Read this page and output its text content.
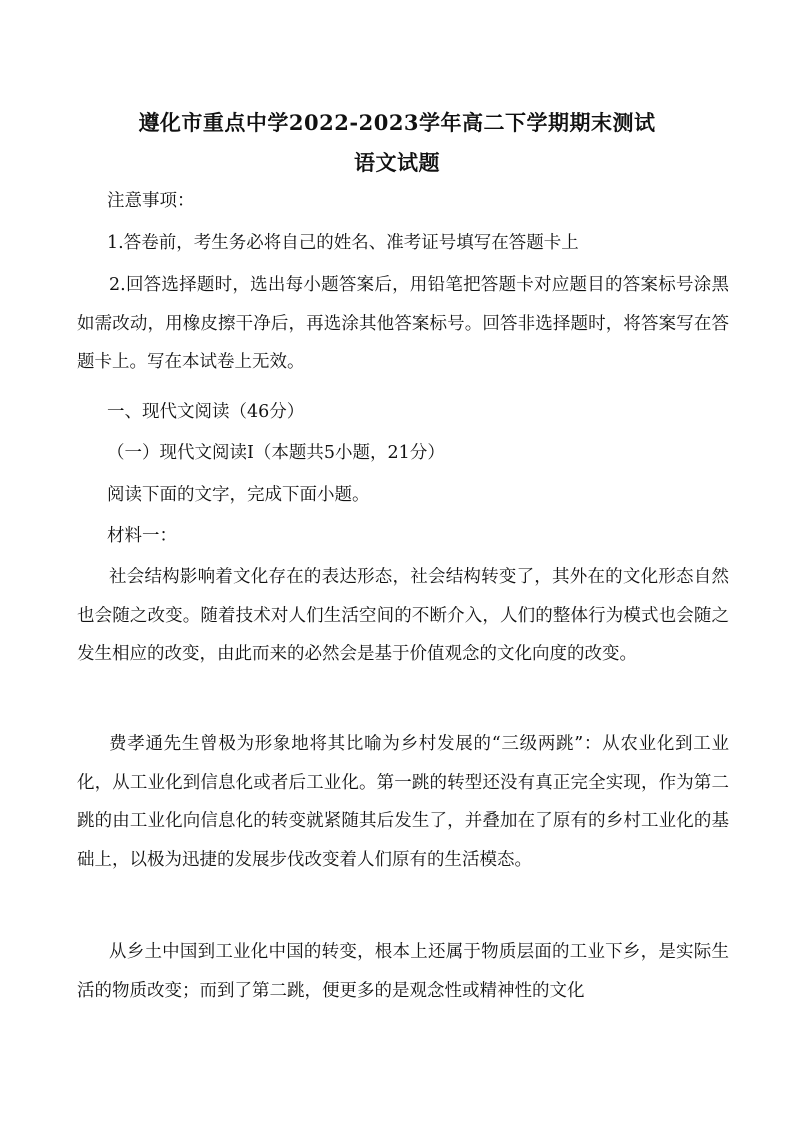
遵化市重点中学2022-2023学年高二下学期期末测试
语文试题
注意事项：
1.答卷前，考生务必将自己的姓名、准考证号填写在答题卡上
2.回答选择题时，选出每小题答案后，用铅笔把答题卡对应题目的答案标号涂黑如需改动，用橡皮擦干净后，再选涂其他答案标号。回答非选择题时，将答案写在答题卡上。写在本试卷上无效。
一、现代文阅读（46分）
（一）现代文阅读Ⅰ（本题共5小题，21分）
阅读下面的文字，完成下面小题。
材料一：
社会结构影响着文化存在的表达形态，社会结构转变了，其外在的文化形态自然也会随之改变。随着技术对人们生活空间的不断介入，人们的整体行为模式也会随之发生相应的改变，由此而来的必然会是基于价值观念的文化向度的改变。
费孝通先生曾极为形象地将其比喻为乡村发展的“三级两跳”：从农业化到工业化，从工业化到信息化或者后工业化。第一跳的转型还没有真正完全实现，作为第二跳的由工业化向信息化的转变就紧随其后发生了，并叠加在了原有的乡村工业化的基础上，以极为迅捷的发展步伐改变着人们原有的生活模态。
从乡土中国到工业化中国的转变，根本上还属于物质层面的工业下乡，是实际生活的物质改变；而到了第二跳，便更多的是观念性或精神性的文化
